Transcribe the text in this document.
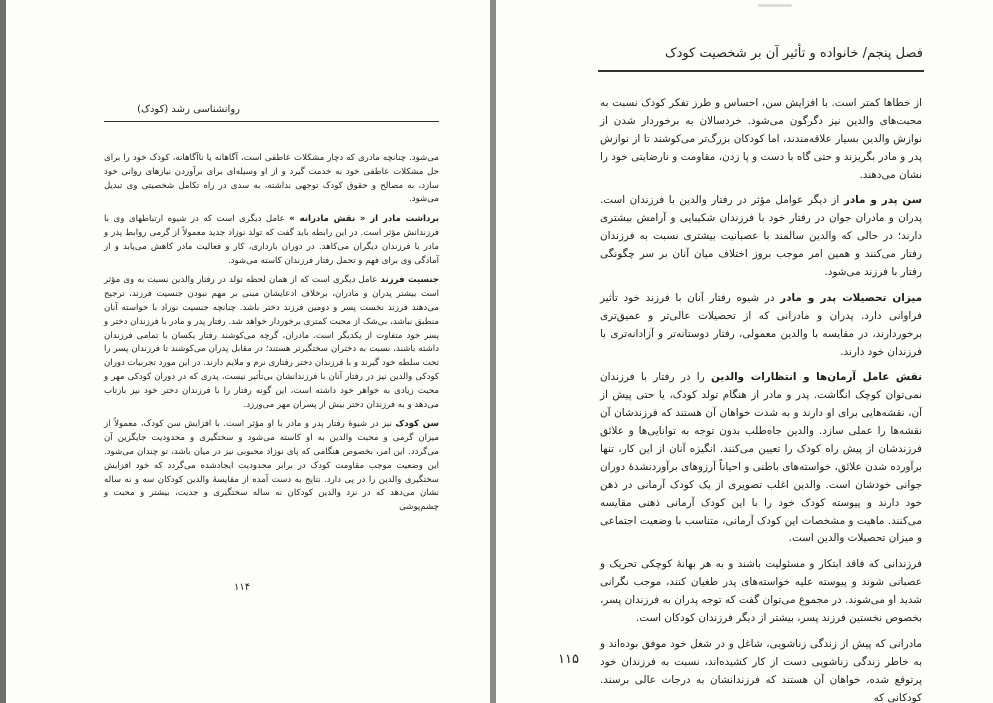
روانشناسی رشد (کودک)

می‌شود. چنانچه مادری که دچار مشکلات عاطفی است، آگاهانه یا ناآگاهانه، کودک خود را برای حل مشکلات عاطفی خود به خدمت گیرد و از او وسیله‌ای برای برآوردن نیازهای روانی خود سازد، به مصالح و حقوق کودک توجهی نداشته، به سدی در راه تکامل شخصیتی وی تبدیل می‌شود.

برداشت مادر از « نقش مادرانه » عامل دیگری است که در شیوه ارتباطهای وی با فرزندانش مؤثر است. در این رابطه باید گفت که تولد نوزاد جدید معمولاً از گرمی روابط پدر و مادر با فرزندان دیگران می‌کاهد. در دوران بارداری، کار و فعالیت مادر کاهش می‌یابد و از آمادگی وی برای فهم و تحمل رفتار فرزندان کاسته می‌شود.

جنسیت فرزند عامل دیگری است که از همان لحظه تولد در رفتار والدین نسبت به وی مؤثر است بیشتر پدران و مادران، برخلاف ادعایشان مبنی بر مهم نبودن جنسیت فرزند، ترجیح می‌دهند فرزند نخست پسر و دومین فرزند دختر باشد. چنانچه جنسیت نوزاد با خواسته آنان منطبق نباشد، بی‌شک از محبت کمتری برخوردار خواهد شد. رفتار پدر و مادر با فرزندان دختر و پسر خود متفاوت از یکدیگر است. مادران، گرچه می‌کوشند رفتار یکسان با تمامی فرزندان داشته باشند، نسبت به دختران سختگیرتر هستند؛ در مقابل پدران می‌کوشند تا فرزندان پسر را تحت سلطه خود گیرند و با فرزندان دختر رفتاری نرم و ملایم دارند. در این مورد تجربیات دوران کودکی والدین نیز در رفتار آنان با فرزندانشان بی‌تأثیر نیست، پدری که در دوران کودکی مهر و محبت زیادی به خواهر خود داشته است، این گونه رفتار را با فرزندان دختر خود نیز بازتاب می‌دهد و به فرزندان دختر بیش از پسران مهر می‌ورزد.

سن کودک نیز در شیوهٔ رفتار پدر و مادر با او مؤثر است. با افزایش سن کودک، معمولاً از میزان گرمی و محبت والدین به او کاسته می‌شود و سختگیری و محدودیت جایگزین آن می‌گردد. این امر، بخصوص هنگامی که پای نوزاد محبوبی نیز در میان باشد، تو چندان می‌شود. این وضعیت موجب مقاومت کودک در برابر محدودیت ایجادشده می‌گردد که خود افزایش سختگیری والدین را در پی دارد. نتایج به دست آمده از مقایسهٔ والدین کودکان سه و نه ساله نشان می‌دهد که در نزد والدین کودکان نه ساله سختگیری و جدیت، بیشتر و محبت و چشم‌پوشی

۱۱۴
فصل پنجم/ خانواده و تأثیر آن بر شخصیت کودک

از خطاها کمتر است. با افزایش سن، احساس و طرز تفکر کودک نسبت به محبت‌های والدین نیز دگرگون می‌شود. خردسالان به برخوردار شدن از نوازش والدین بسیار علاقه‌مندند، اما کودکان بزرگ‌تر می‌کوشند تا از نوازش پدر و مادر بگریزند و حتی گاه با دست و پا زدن، مقاومت و نارضایتی خود را نشان می‌دهند.

سن پدر و مادر از دیگر عوامل مؤثر در رفتار والدین با فرزندان است. پدران و مادران جوان در رفتار خود با فرزندان شکیبایی و آرامش بیشتری دارند؛ در حالی که والدین سالمند با عصبانیت بیشتری نسبت به فرزندان رفتار می‌کنند و همین امر موجب بروز اختلاف میان آنان بر سر چگونگی رفتار با فرزند می‌شود.

میزان تحصیلات پدر و مادر در شیوه رفتار آنان با فرزند خود تأثیر فراوانی دارد. پدران و مادرانی که از تحصیلات عالی‌تر و عمیق‌تری برخوردارند، در مقایسه با والدین معمولی، رفتار دوستانه‌تر و آزادانه‌تری با فرزندان خود دارند.

نقش عامل آرمان‌ها و انتظارات والدین را در رفتار با فرزندان نمی‌توان کوچک انگاشت. پدر و مادر از هنگام تولد کودک، یا حتی پیش از آن، نقشه‌هایی برای او دارند و به شدت خواهان آن هستند که فرزندشان آن نقشه‌ها را عملی سازد. والدین جاه‌طلب بدون توجه به توانایی‌ها و علائق فرزندشان از پیش راه کودک را تعیین می‌کنند. انگیزه آنان از این کار، تنها برآورده شدن علائق، خواسته‌های باطنی و احیاناً آرزوهای برآوردنشدهٔ دوران جوانی خودشان است. والدین اغلب تصویری از یک کودک آرمانی در ذهن خود دارند و پیوسته کودک خود را با این کودک آرمانی ذهنی مقایسه می‌کنند. ماهیت و مشخصات این کودک آرمانی، متناسب با وضعیت اجتماعی و میزان تحصیلات والدین است.

فرزندانی که فاقد ابتکار و مسئولیت باشند و به هر بهانهٔ کوچکی تحریک و عصبانی شوند و پیوسته علیه خواسته‌های پدر طغیان کنند، موجب نگرانی شدید او می‌شوند. در مجموع می‌توان گفت که توجه پدران به فرزندان پسر، بخصوص نخستین فرزند پسر، بیشتر از دیگر فرزندان کودکان است.

مادرانی که پیش از زندگی زناشویی، شاغل و در شغل خود موفق بوده‌اند و به خاطر زندگی زناشویی دست از کار کشیده‌اند، نسبت به فرزندان خود پرتوقع شده، خواهان آن هستند که فرزندانشان به درجات عالی برسند. کودکانی که

۱۱۵
